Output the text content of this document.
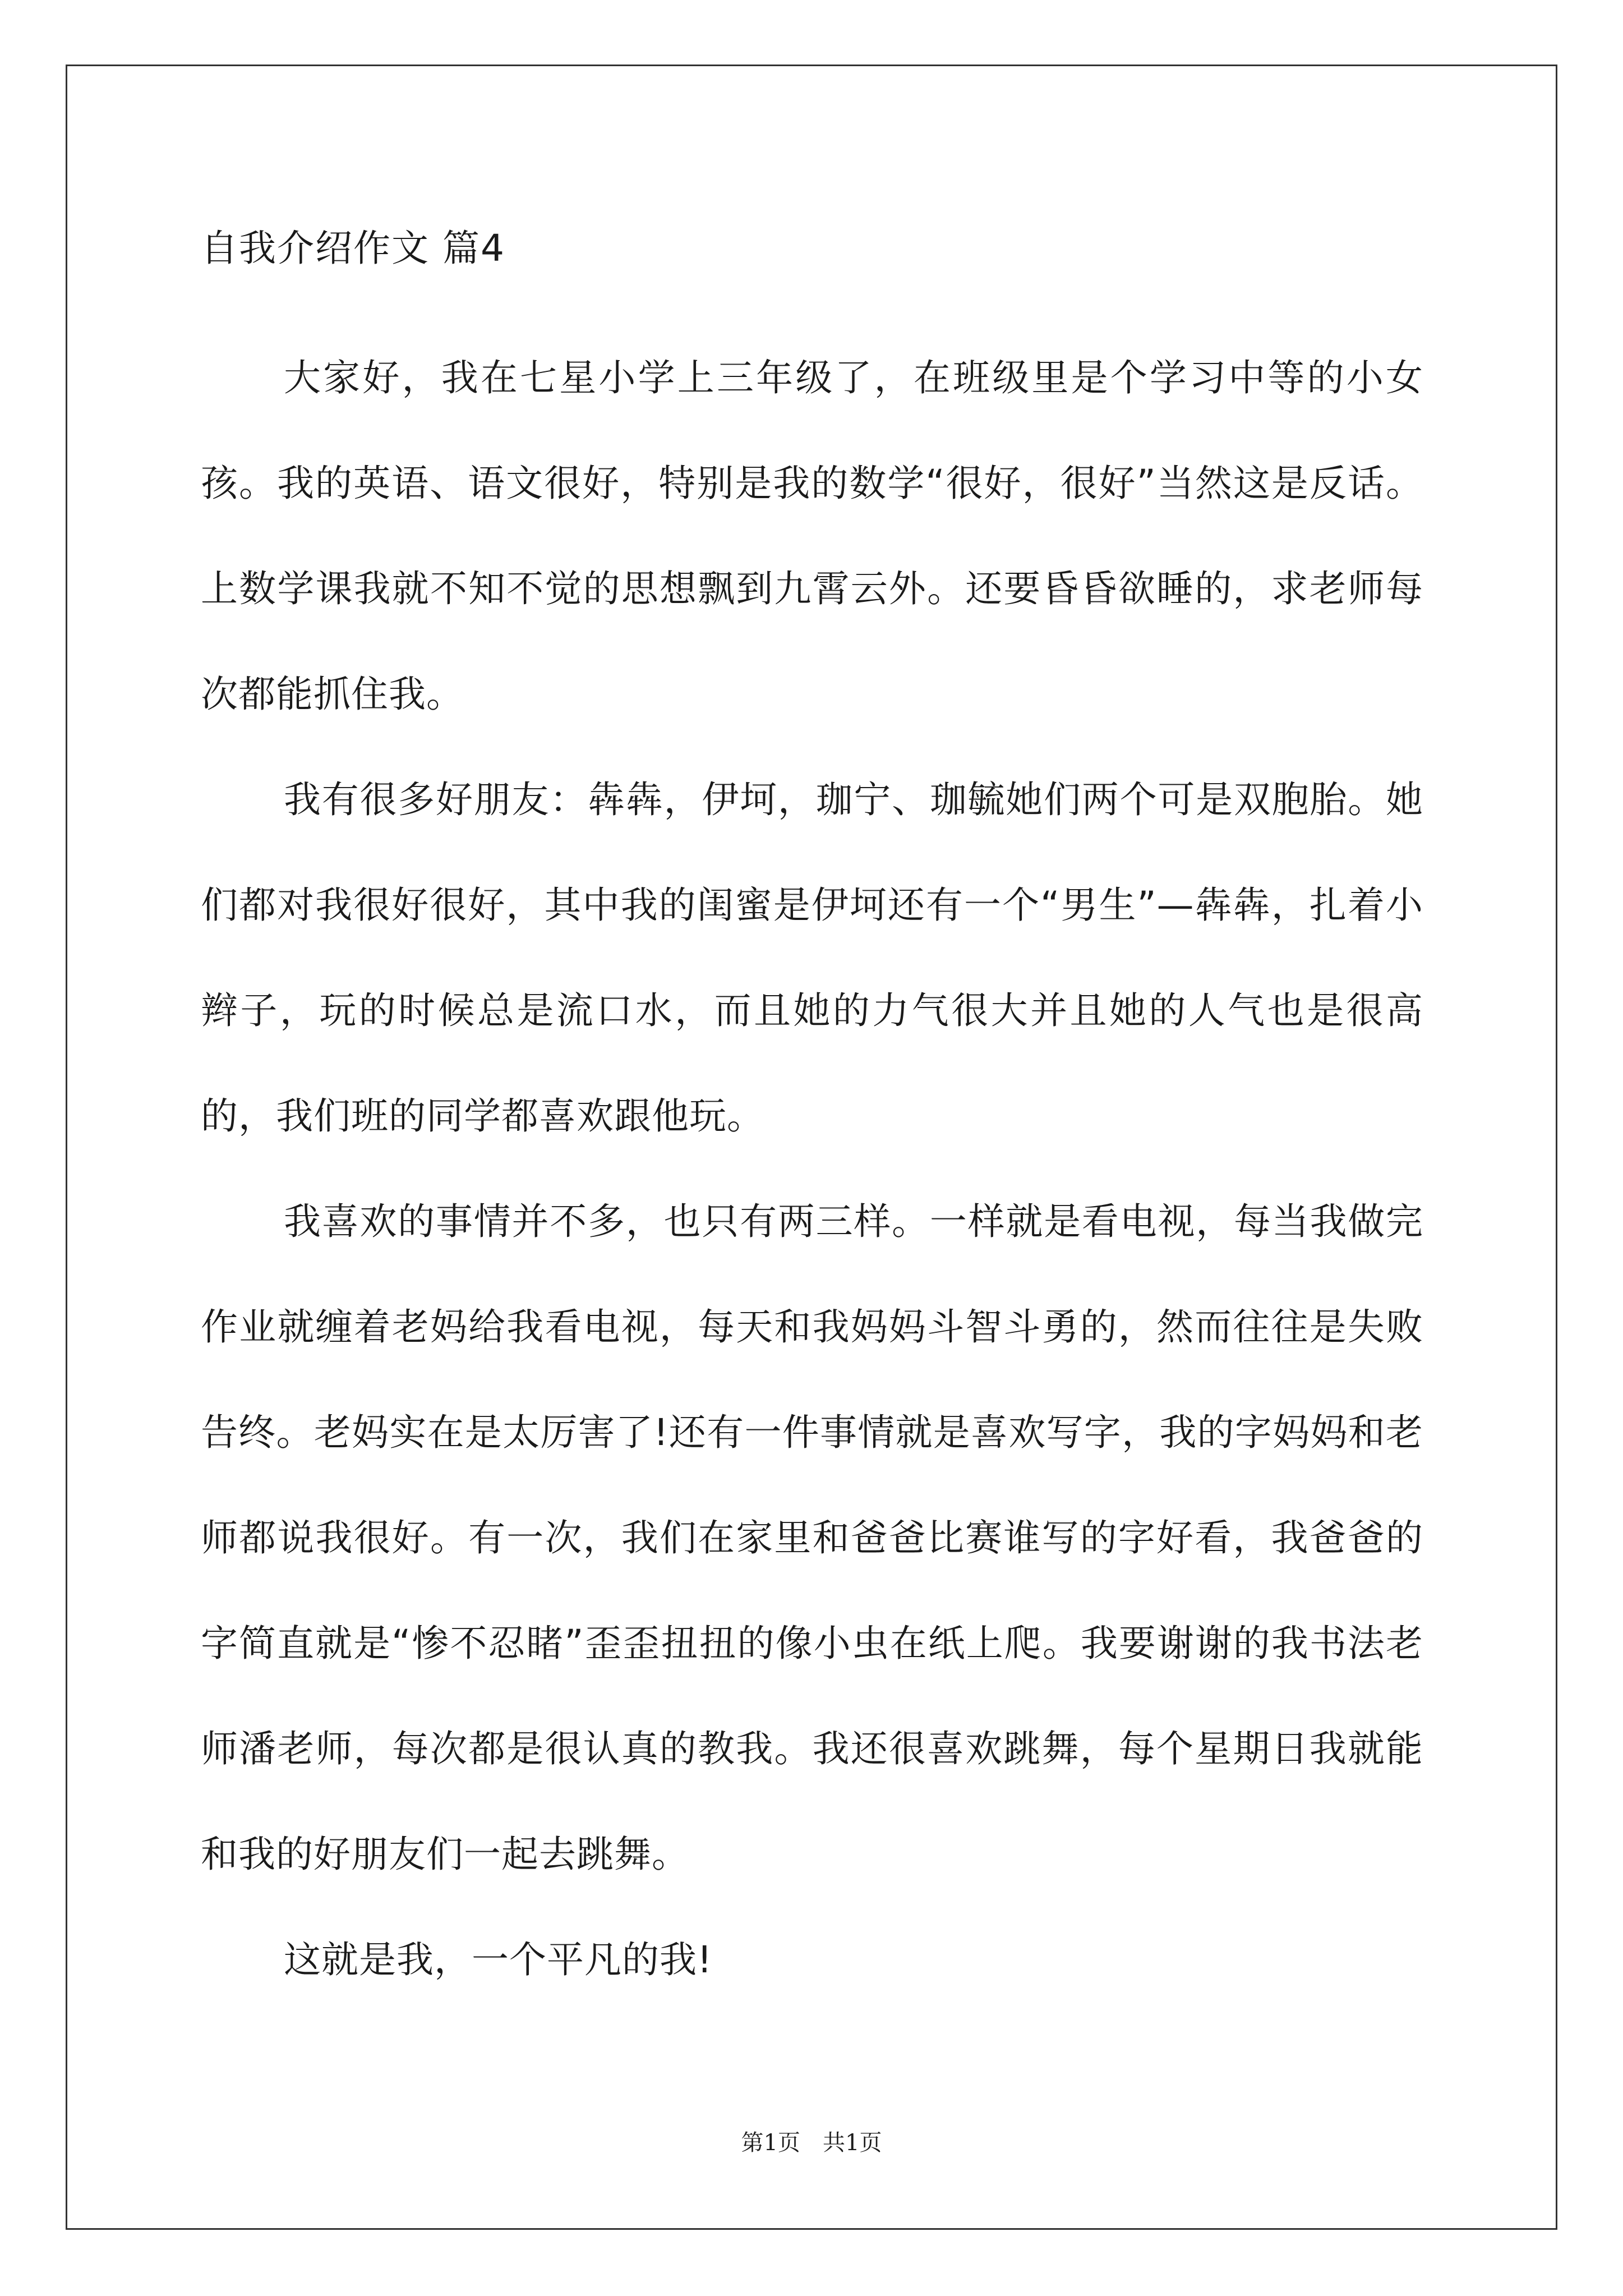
自我介绍作文 篇4

大家好，我在七星小学上三年级了，在班级里是个学习中等的小女孩。我的英语、语文很好，特别是我的数学“很好，很好”当然这是反话。上数学课我就不知不觉的思想飘到九霄云外。还要昏昏欲睡的，求老师每次都能抓住我。

我有很多好朋友：犇犇，伊坷，珈宁、珈毓她们两个可是双胞胎。她们都对我很好很好，其中我的闺蜜是伊坷还有一个“男生”—犇犇，扎着小辫子，玩的时候总是流口水，而且她的力气很大并且她的人气也是很高的，我们班的同学都喜欢跟他玩。

我喜欢的事情并不多，也只有两三样。一样就是看电视，每当我做完作业就缠着老妈给我看电视，每天和我妈妈斗智斗勇的，然而往往是失败告终。老妈实在是太厉害了!还有一件事情就是喜欢写字，我的字妈妈和老师都说我很好。有一次，我们在家里和爸爸比赛谁写的字好看，我爸爸的字简直就是“惨不忍睹”歪歪扭扭的像小虫在纸上爬。我要谢谢的我书法老师潘老师，每次都是很认真的教我。我还很喜欢跳舞，每个星期日我就能和我的好朋友们一起去跳舞。

这就是我，一个平凡的我!

第1页　共1页
